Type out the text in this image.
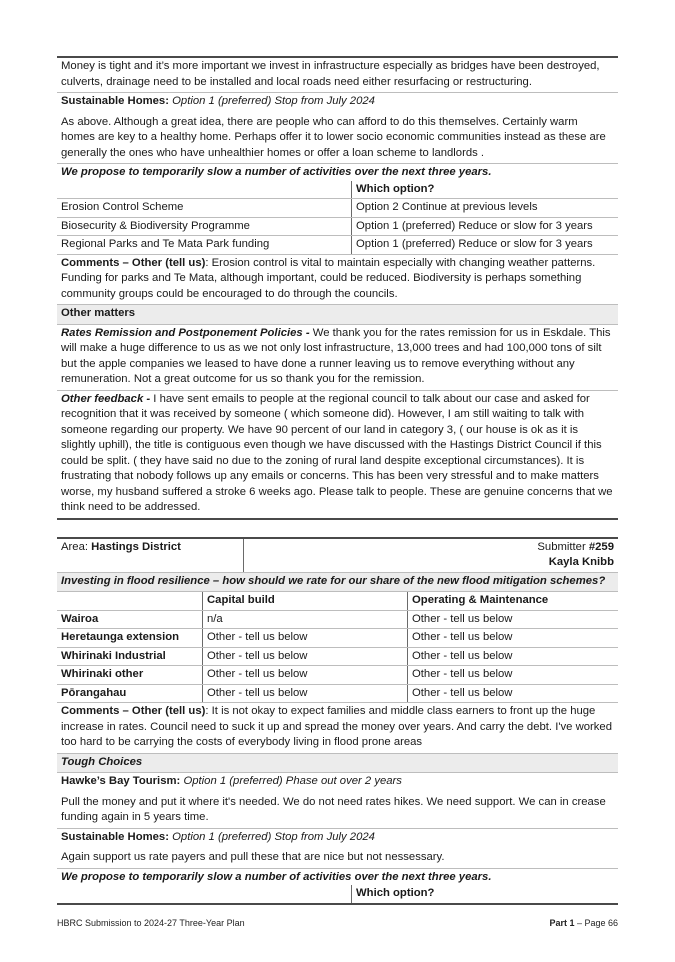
Money is tight and it’s more important we invest in infrastructure especially as bridges have been destroyed, culverts, drainage need to be installed and local roads need either resurfacing or restructuring.
Sustainable Homes: Option 1 (preferred) Stop from July 2024
As above. Although a great idea, there are people who can afford to do this themselves. Certainly warm homes are key to a healthy home. Perhaps offer it to lower socio economic communities instead as these are generally the ones who have unhealthier homes or offer a loan scheme to landlords .
We propose to temporarily slow a number of activities over the next three years.	
	Which option?
Erosion Control Scheme	Option 2 Continue at previous levels
Biosecurity & Biodiversity Programme	Option 1 (preferred) Reduce or slow for 3 years
Regional Parks and Te Mata Park funding	Option 1 (preferred) Reduce or slow for 3 years
Comments – Other (tell us): Erosion control is vital to maintain especially with changing weather patterns. Funding for parks and Te Mata, although important, could be reduced. Biodiversity is perhaps something community groups could be encouraged to do through the councils.
Other matters
Rates Remission and Postponement Policies - We thank you for the rates remission for us in Eskdale. This will make a huge difference to us as we not only lost infrastructure, 13,000 trees and had 100,000 tons of silt but the apple companies we leased to have done a runner leaving us to remove everything without any remuneration. Not a great outcome for us so thank you for the remission.
Other feedback - I have sent emails to people at the regional council to talk about our case and asked for recognition that it was received by someone ( which someone did). However, I am still waiting to talk with someone regarding our property. We have 90 percent of our land in category 3, ( our house is ok as it is slightly uphill), the title is contiguous even though we have discussed with the Hastings District Council if this could be split. ( they have said no due to the zoning of rural land despite exceptional circumstances). It is frustrating that nobody follows up any emails or concerns. This has been very stressful and to make matters worse, my husband suffered a stroke 6 weeks ago. Please talk to people. These are genuine concerns that we think need to be addressed.
Area: Hastings District	Submitter #259
Kayla Knibb
Investing in flood resilience – how should we rate for our share of the new flood mitigation schemes?
	Capital build	Operating & Maintenance
Wairoa	n/a	Other - tell us below
Heretaunga extension	Other - tell us below	Other - tell us below
Whirinaki Industrial	Other - tell us below	Other - tell us below
Whirinaki other	Other - tell us below	Other - tell us below
Pōrangahau	Other - tell us below	Other - tell us below
Comments – Other (tell us): It is not okay to expect families and middle class earners to front up the huge increase in rates. Council need to suck it up and spread the money over years. And carry the debt. I've worked too hard to be carrying the costs of everybody living in flood prone areas
Tough Choices
Hawke’s Bay Tourism: Option 1 (preferred) Phase out over 2 years
Pull the money and put it where it's needed. We do not need rates hikes. We need support. We can in crease funding again in 5 years time.
Sustainable Homes: Option 1 (preferred) Stop from July 2024
Again support us rate payers and pull these that are nice but not nessessary.
We propose to temporarily slow a number of activities over the next three years.
	Which option?
HBRC Submission to 2024-27 Three-Year Plan	Part 1 – Page 66
